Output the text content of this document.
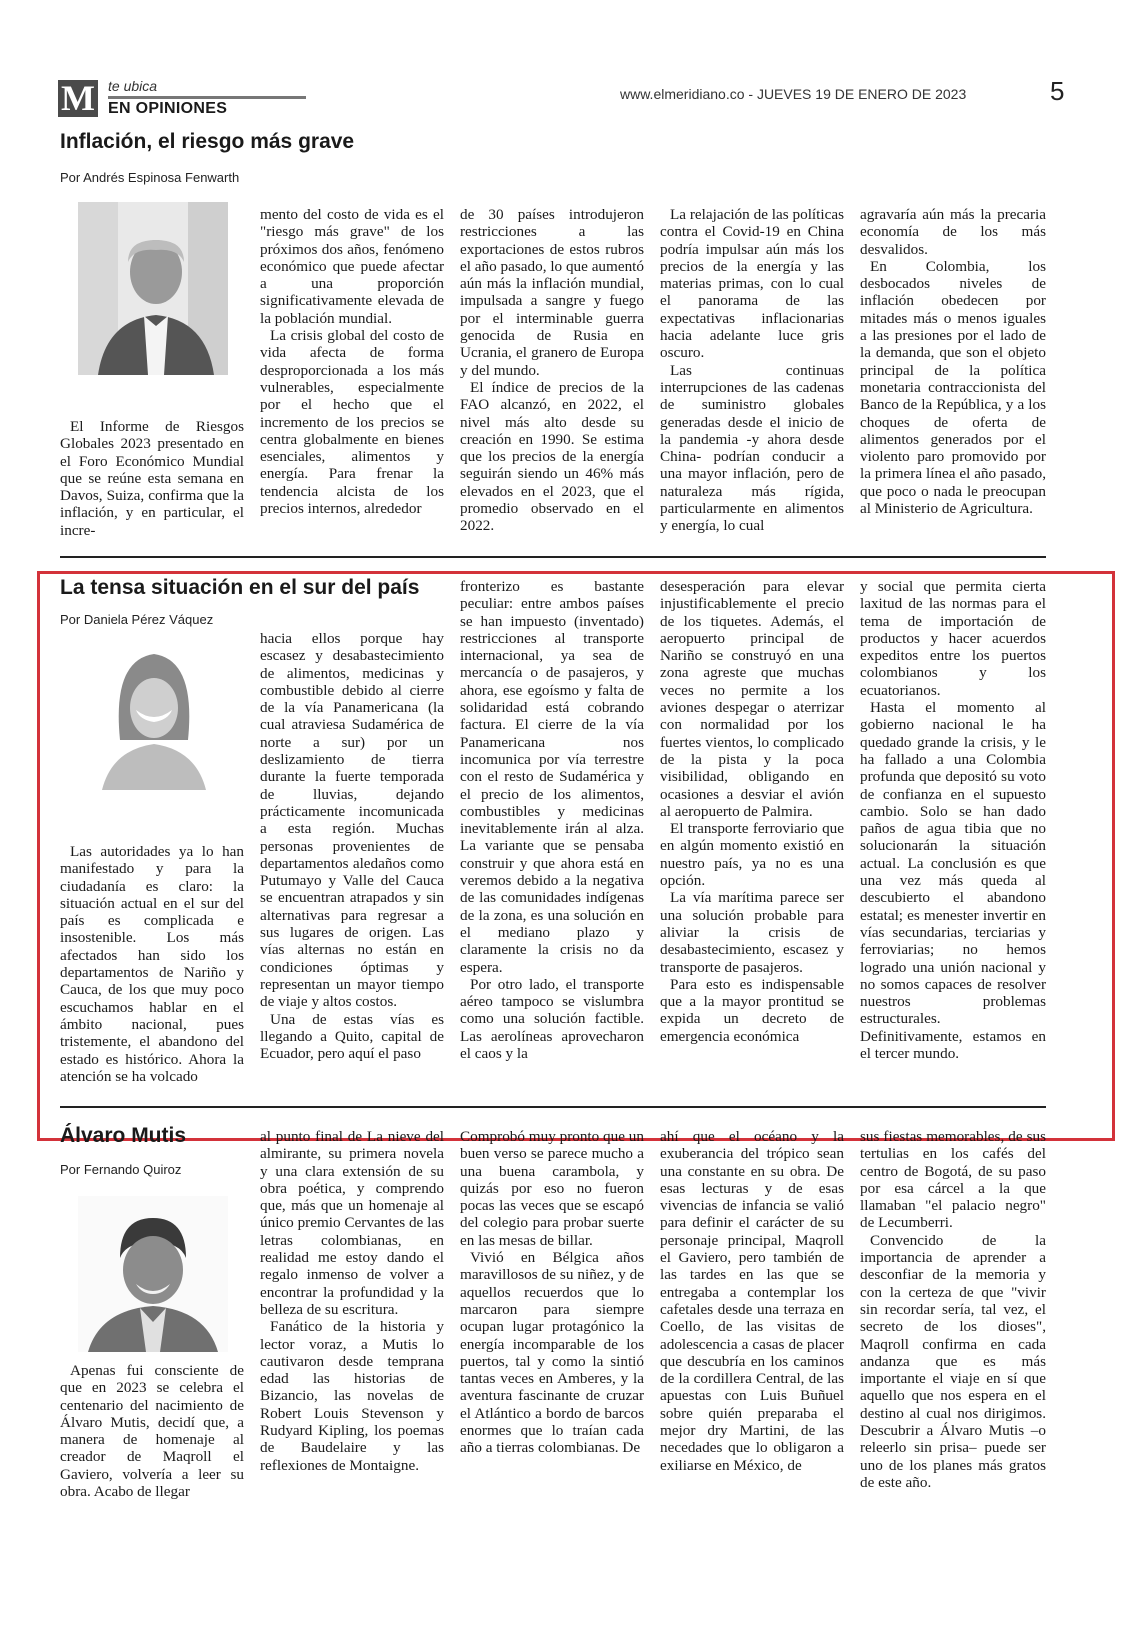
M te ubica
EN OPINIONES
www.elmeridiano.co - JUEVES 19 DE ENERO DE 2023	5
Inflación, el riesgo más grave
Por Andrés Espinosa Fenwarth

El Informe de Riesgos Globales 2023 presentado en el Foro Económico Mundial que se reúne esta semana en Davos, Suiza, confirma que la inflación, y en particular, el incre-

mento del costo de vida es el "riesgo más grave" de los próximos dos años, fenómeno económico que puede afectar a una proporción significativamente elevada de la población mundial.

La crisis global del costo de vida afecta de forma desproporcionada a los más vulnerables, especialmente por el hecho que el incremento de los precios se centra globalmente en bienes esenciales, alimentos y energía. Para frenar la tendencia alcista de los precios internos, alrededor

de 30 países introdujeron restricciones a las exportaciones de estos rubros el año pasado, lo que aumentó aún más la inflación mundial, impulsada a sangre y fuego por el interminable guerra genocida de Rusia en Ucrania, el granero de Europa y del mundo.

El índice de precios de la FAO alcanzó, en 2022, el nivel más alto desde su creación en 1990. Se estima que los precios de la energía seguirán siendo un 46% más elevados en el 2023, que el promedio observado en el 2022.

La relajación de las políticas contra el Covid-19 en China podría impulsar aún más los precios de la energía y las materias primas, con lo cual el panorama de las expectativas inflacionarias hacia adelante luce gris oscuro.

Las continuas interrupciones de las cadenas de suministro globales generadas desde el inicio de la pandemia -y ahora desde China- podrían conducir a una mayor inflación, pero de naturaleza más rígida, particularmente en alimentos y energía, lo cual

agravaría aún más la precaria economía de los más desvalidos.

En Colombia, los desbocados niveles de inflación obedecen por mitades más o menos iguales a las presiones por el lado de la demanda, que son el objeto principal de la política monetaria contraccionista del Banco de la República, y a los choques de oferta de alimentos generados por el violento paro promovido por la primera línea el año pasado, que poco o nada le preocupan al Ministerio de Agricultura.

La tensa situación en el sur del país
Por Daniela Pérez Váquez

Las autoridades ya lo han manifestado y para la ciudadanía es claro: la situación actual en el sur del país es complicada e insostenible. Los más afectados han sido los departamentos de Nariño y Cauca, de los que muy poco escuchamos hablar en el ámbito nacional, pues tristemente, el abandono del estado es histórico. Ahora la atención se ha volcado

hacia ellos porque hay escasez y desabastecimiento de alimentos, medicinas y combustible debido al cierre de la vía Panamericana (la cual atraviesa Sudamérica de norte a sur) por un deslizamiento de tierra durante la fuerte temporada de lluvias, dejando prácticamente incomunicada a esta región. Muchas personas provenientes de departamentos aledaños como Putumayo y Valle del Cauca se encuentran atrapados y sin alternativas para regresar a sus lugares de origen. Las vías alternas no están en condiciones óptimas y representan un mayor tiempo de viaje y altos costos.

Una de estas vías es llegando a Quito, capital de Ecuador, pero aquí el paso

fronterizo es bastante peculiar: entre ambos países se han impuesto (inventado) restricciones al transporte internacional, ya sea de mercancía o de pasajeros, y ahora, ese egoísmo y falta de solidaridad está cobrando factura. El cierre de la vía Panamericana nos incomunica por vía terrestre con el resto de Sudamérica y el precio de los alimentos, combustibles y medicinas inevitablemente irán al alza. La variante que se pensaba construir y que ahora está en veremos debido a la negativa de las comunidades indígenas de la zona, es una solución en el mediano plazo y claramente la crisis no da espera.

Por otro lado, el transporte aéreo tampoco se vislumbra como una solución factible. Las aerolíneas aprovecharon el caos y la

desesperación para elevar injustificablemente el precio de los tiquetes. Además, el aeropuerto principal de Nariño se construyó en una zona agreste que muchas veces no permite a los aviones despegar o aterrizar con normalidad por los fuertes vientos, lo complicado de la pista y la poca visibilidad, obligando en ocasiones a desviar el avión al aeropuerto de Palmira.

El transporte ferroviario que en algún momento existió en nuestro país, ya no es una opción.

La vía marítima parece ser una solución probable para aliviar la crisis de desabastecimiento, escasez y transporte de pasajeros.

Para esto es indispensable que a la mayor prontitud se expida un decreto de emergencia económica

y social que permita cierta laxitud de las normas para el tema de importación de productos y hacer acuerdos expeditos entre los puertos colombianos y los ecuatorianos.

Hasta el momento al gobierno nacional le ha quedado grande la crisis, y le ha fallado a una Colombia profunda que depositó su voto de confianza en el supuesto cambio. Solo se han dado paños de agua tibia que no solucionarán la situación actual. La conclusión es que una vez más queda al descubierto el abandono estatal; es menester invertir en vías secundarias, terciarias y ferroviarias; no hemos logrado una unión nacional y no somos capaces de resolver nuestros problemas estructurales. Definitivamente, estamos en el tercer mundo.

Álvaro Mutis
Por Fernando Quiroz

Apenas fui consciente de que en 2023 se celebra el centenario del nacimiento de Álvaro Mutis, decidí que, a manera de homenaje al creador de Maqroll el Gaviero, volvería a leer su obra. Acabo de llegar

al punto final de La nieve del almirante, su primera novela y una clara extensión de su obra poética, y comprendo que, más que un homenaje al único premio Cervantes de las letras colombianas, en realidad me estoy dando el regalo inmenso de volver a encontrar la profundidad y la belleza de su escritura.

Fanático de la historia y lector voraz, a Mutis lo cautivaron desde temprana edad las historias de Bizancio, las novelas de Robert Louis Stevenson y Rudyard Kipling, los poemas de Baudelaire y las reflexiones de Montaigne.

Comprobó muy pronto que un buen verso se parece mucho a una buena carambola, y quizás por eso no fueron pocas las veces que se escapó del colegio para probar suerte en las mesas de billar.

Vivió en Bélgica años maravillosos de su niñez, y de aquellos recuerdos que lo marcaron para siempre ocupan lugar protagónico la energía incomparable de los puertos, tal y como la sintió tantas veces en Amberes, y la aventura fascinante de cruzar el Atlántico a bordo de barcos enormes que lo traían cada año a tierras colombianas. De

ahí que el océano y la exuberancia del trópico sean una constante en su obra. De esas lecturas y de esas vivencias de infancia se valió para definir el carácter de su personaje principal, Maqroll el Gaviero, pero también de las tardes en las que se entregaba a contemplar los cafetales desde una terraza en Coello, de las visitas de adolescencia a casas de placer que descubría en los caminos de la cordillera Central, de las apuestas con Luis Buñuel sobre quién preparaba el mejor dry Martini, de las necedades que lo obligaron a exiliarse en México, de

sus fiestas memorables, de sus tertulias en los cafés del centro de Bogotá, de su paso por esa cárcel a la que llamaban "el palacio negro" de Lecumberri.

Convencido de la importancia de aprender a desconfiar de la memoria y con la certeza de que "vivir sin recordar sería, tal vez, el secreto de los dioses", Maqroll confirma en cada andanza que es más importante el viaje en sí que aquello que nos espera en el destino al cual nos dirigimos. Descubrir a Álvaro Mutis –o releerlo sin prisa– puede ser uno de los planes más gratos de este año.
